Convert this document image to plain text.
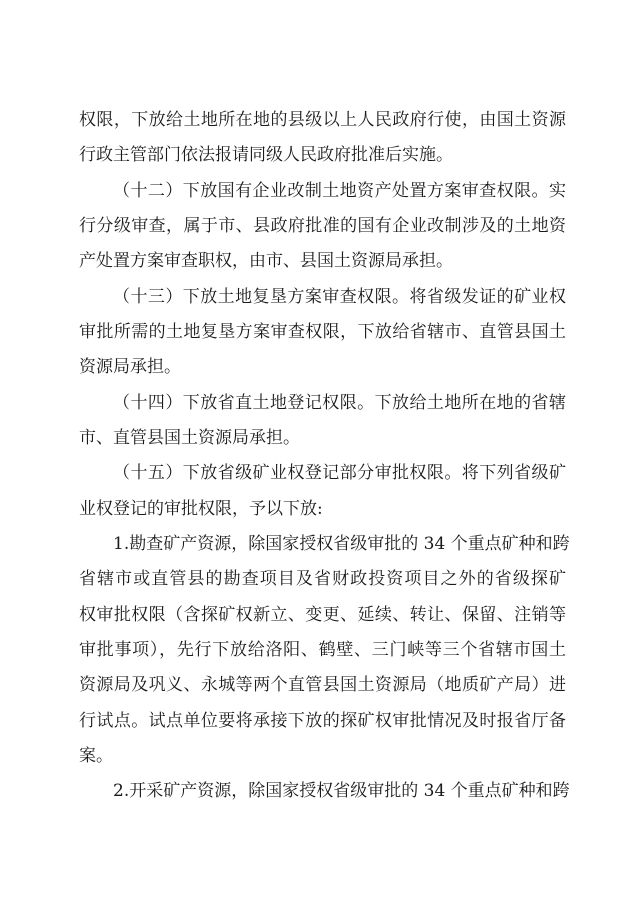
权限，下放给土地所在地的县级以上人民政府行使，由国土资源
行政主管部门依法报请同级人民政府批准后实施。
（十二）下放国有企业改制土地资产处置方案审查权限。实
行分级审查，属于市、县政府批准的国有企业改制涉及的土地资
产处置方案审查职权，由市、县国土资源局承担。
（十三）下放土地复垦方案审查权限。将省级发证的矿业权
审批所需的土地复垦方案审查权限，下放给省辖市、直管县国土
资源局承担。
（十四）下放省直土地登记权限。下放给土地所在地的省辖
市、直管县国土资源局承担。
（十五）下放省级矿业权登记部分审批权限。将下列省级矿
业权登记的审批权限，予以下放:
1.勘查矿产资源，除国家授权省级审批的 34 个重点矿种和跨
省辖市或直管县的勘查项目及省财政投资项目之外的省级探矿
权审批权限（含探矿权新立、变更、延续、转让、保留、注销等
审批事项），先行下放给洛阳、鹤壁、三门峡等三个省辖市国土
资源局及巩义、永城等两个直管县国土资源局（地质矿产局）进
行试点。试点单位要将承接下放的探矿权审批情况及时报省厅备
案。
2.开采矿产资源，除国家授权省级审批的 34 个重点矿种和跨
